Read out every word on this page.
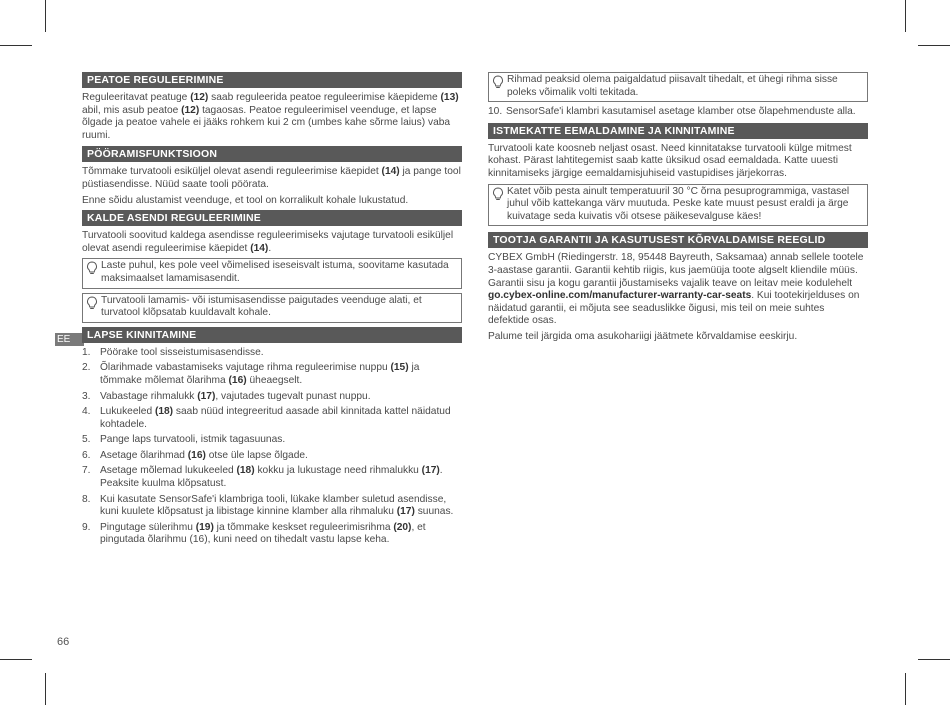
EE
66
PEATOE REGULEERIMINE

Reguleeritavat peatuge (12) saab reguleerida peatoe reguleerimise käepideme (13) abil, mis asub peatoe (12) tagaosas. Peatoe reguleerimisel veenduge, et lapse õlgade ja peatoe vahele ei jääks rohkem kui 2 cm (umbes kahe sõrme laius) vaba ruumi.

PÖÖRAMISFUNKTSIOON

Tõmmake turvatooli esiküljel olevat asendi reguleerimise käepidet (14) ja pange tool püstiasendisse. Nüüd saate tooli pöörata.

Enne sõidu alustamist veenduge, et tool on korralikult kohale lukustatud.

KALDE ASENDI REGULEERIMINE

Turvatooli soovitud kaldega asendisse reguleerimiseks vajutage turvatooli esiküljel olevat asendi reguleerimise käepidet (14).

Laste puhul, kes pole veel võimelised iseseisvalt istuma, soovitame kasutada maksimaalset lamamisasendit.
Turvatooli lamamis- või istumisasendisse paigutades veenduge alati, et turvatool klõpsatab kuuldavalt kohale.
LAPSE KINNITAMINE
1. Pöörake tool sisseistumisasendisse.
2. Õlarihmade vabastamiseks vajutage rihma reguleerimise nuppu (15) ja tõmmake mõlemat õlarihma (16) üheaegselt.
3. Vabastage rihmalukk (17), vajutades tugevalt punast nuppu.
4. Lukukeeled (18) saab nüüd integreeritud aasade abil kinnitada kattel näidatud kohtadele.
5. Pange laps turvatooli, istmik tagasuunas.
6. Asetage õlarihmad (16) otse üle lapse õlgade.
7. Asetage mõlemad lukukeeled (18) kokku ja lukustage need rihmalukku (17). Peaksite kuulma klõpsatust.
8. Kui kasutate SensorSafe'i klambriga tooli, lükake klamber suletud asendisse, kuni kuulete klõpsatust ja libistage kinnine klamber alla rihmaluku (17) suunas.
9. Pingutage sülerihmu (19) ja tõmmake keskset reguleerimisrihma (20), et pingutada õlarihmu (16), kuni need on tihedalt vastu lapse keha.
Rihmad peaksid olema paigaldatud piisavalt tihedalt, et ühegi rihma sisse poleks võimalik volti tekitada.
10. SensorSafe'i klambri kasutamisel asetage klamber otse õlapehmenduste alla.
ISTMEKATTE EEMALDAMINE JA KINNITAMINE

Turvatooli kate koosneb neljast osast. Need kinnitatakse turvatooli külge mitmest kohast. Pärast lahtitegemist saab katte üksikud osad eemaldada. Katte uuesti kinnitamiseks järgige eemaldamisjuhiseid vastupidises järjekorras.

Katet võib pesta ainult temperatuuril 30 °C õrna pesuprogrammiga, vastasel juhul võib kattekanga värv muutuda. Peske kate muust pesust eraldi ja ärge kuivatage seda kuivatis või otsese päikesevalguse käes!
TOOTJA GARANTII JA KASUTUSEST KÕRVALDAMISE REEGLID

CYBEX GmbH (Riedingerstr. 18, 95448 Bayreuth, Saksamaa) annab sellele tootele 3-aastase garantii. Garantii kehtib riigis, kus jaemüüja toote algselt kliendile müüs. Garantii sisu ja kogu garantii jõustamiseks vajalik teave on leitav meie kodulehelt go.cybex-online.com/manufacturer-warranty-car-seats. Kui tootekirjelduses on näidatud garantii, ei mõjuta see seaduslikke õigusi, mis teil on meie suhtes defektide osas.

Palume teil järgida oma asukohariigi jäätmete kõrvaldamise eeskirju.
